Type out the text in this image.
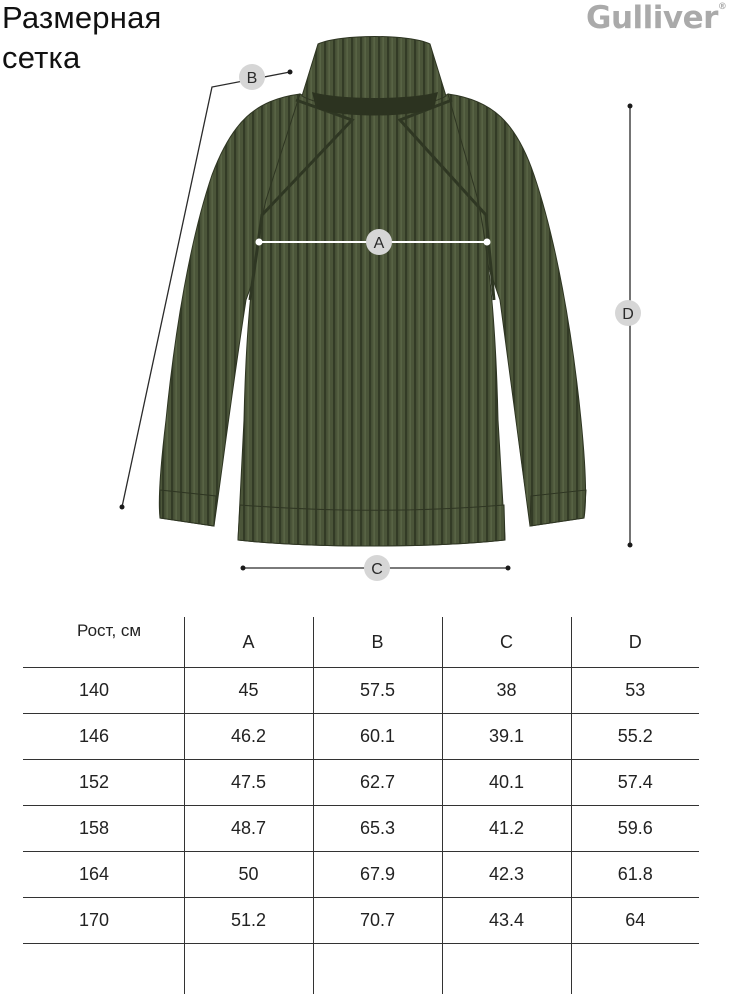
Размерная
сетка
Gulliver®
A
B
C
D
Рост, см	A	B	C	D
140	45	57.5	38	53
146	46.2	60.1	39.1	55.2
152	47.5	62.7	40.1	57.4
158	48.7	65.3	41.2	59.6
164	50	67.9	42.3	61.8
170	51.2	70.7	43.4	64
